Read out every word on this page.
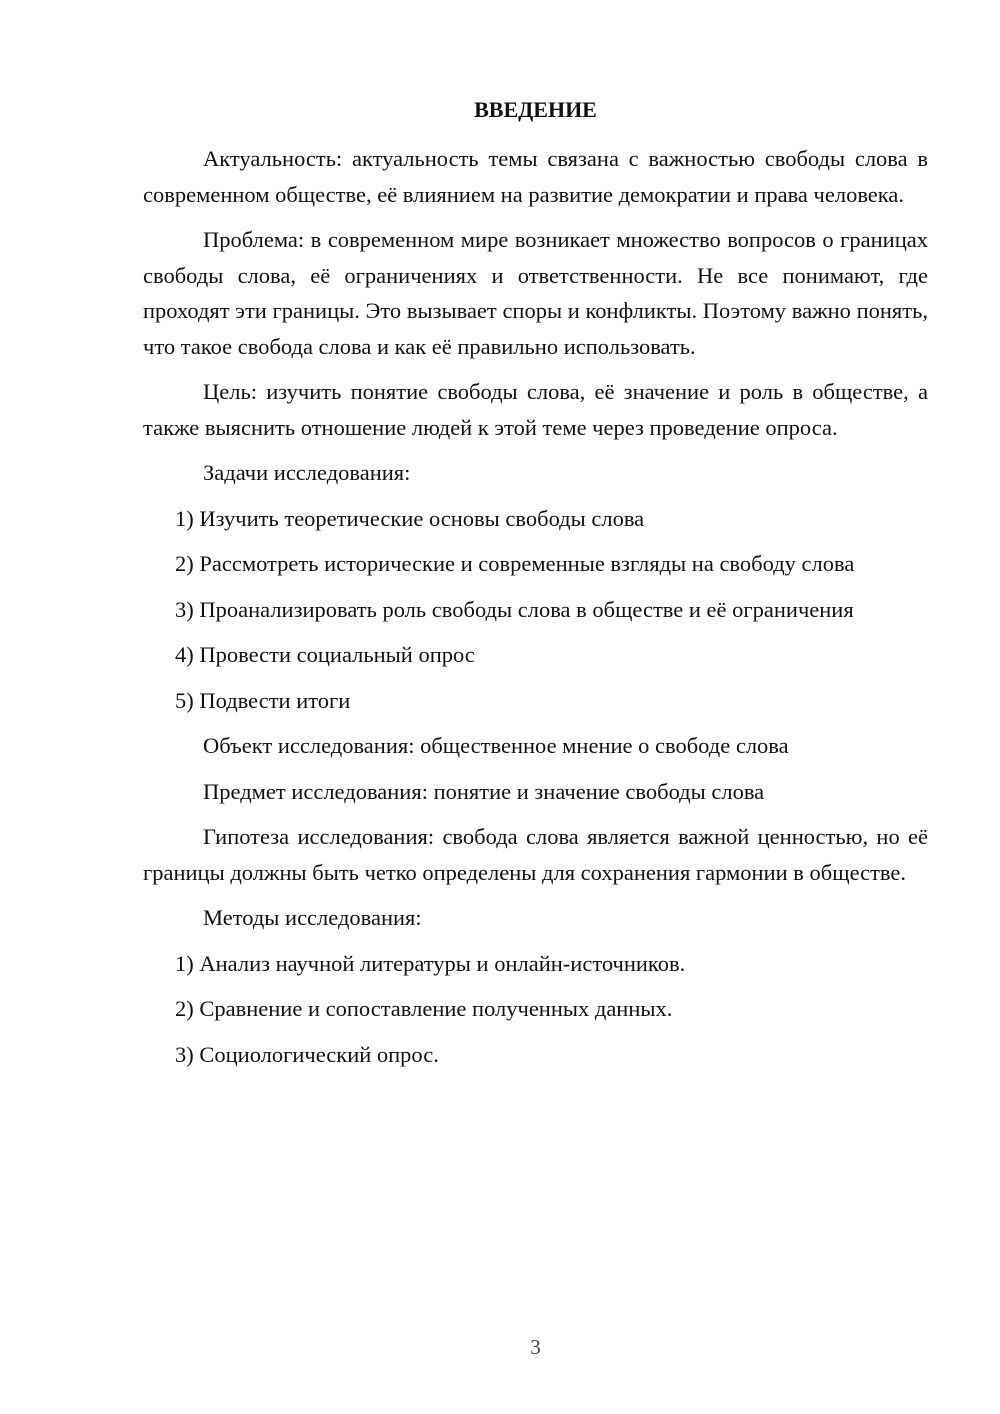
ВВЕДЕНИЕ

Актуальность: актуальность темы связана с важностью свободы слова в современном обществе, её влиянием на развитие демократии и права человека.

Проблема: в современном мире возникает множество вопросов о границах свободы слова, её ограничениях и ответственности. Не все понимают, где проходят эти границы. Это вызывает споры и конфликты. Поэтому важно понять, что такое свобода слова и как её правильно использовать.

Цель: изучить понятие свободы слова, её значение и роль в обществе, а также выяснить отношение людей к этой теме через проведение опроса.

Задачи исследования:

1) Изучить теоретические основы свободы слова

2) Рассмотреть исторические и современные взгляды на свободу слова

3) Проанализировать роль свободы слова в обществе и её ограничения

4) Провести социальный опрос

5) Подвести итоги

Объект исследования: общественное мнение о свободе слова

Предмет исследования: понятие и значение свободы слова

Гипотеза исследования: свобода слова является важной ценностью, но её границы должны быть четко определены для сохранения гармонии в обществе.

Методы исследования:

1) Анализ научной литературы и онлайн-источников.

2) Сравнение и сопоставление полученных данных.

3) Социологический опрос.

3
